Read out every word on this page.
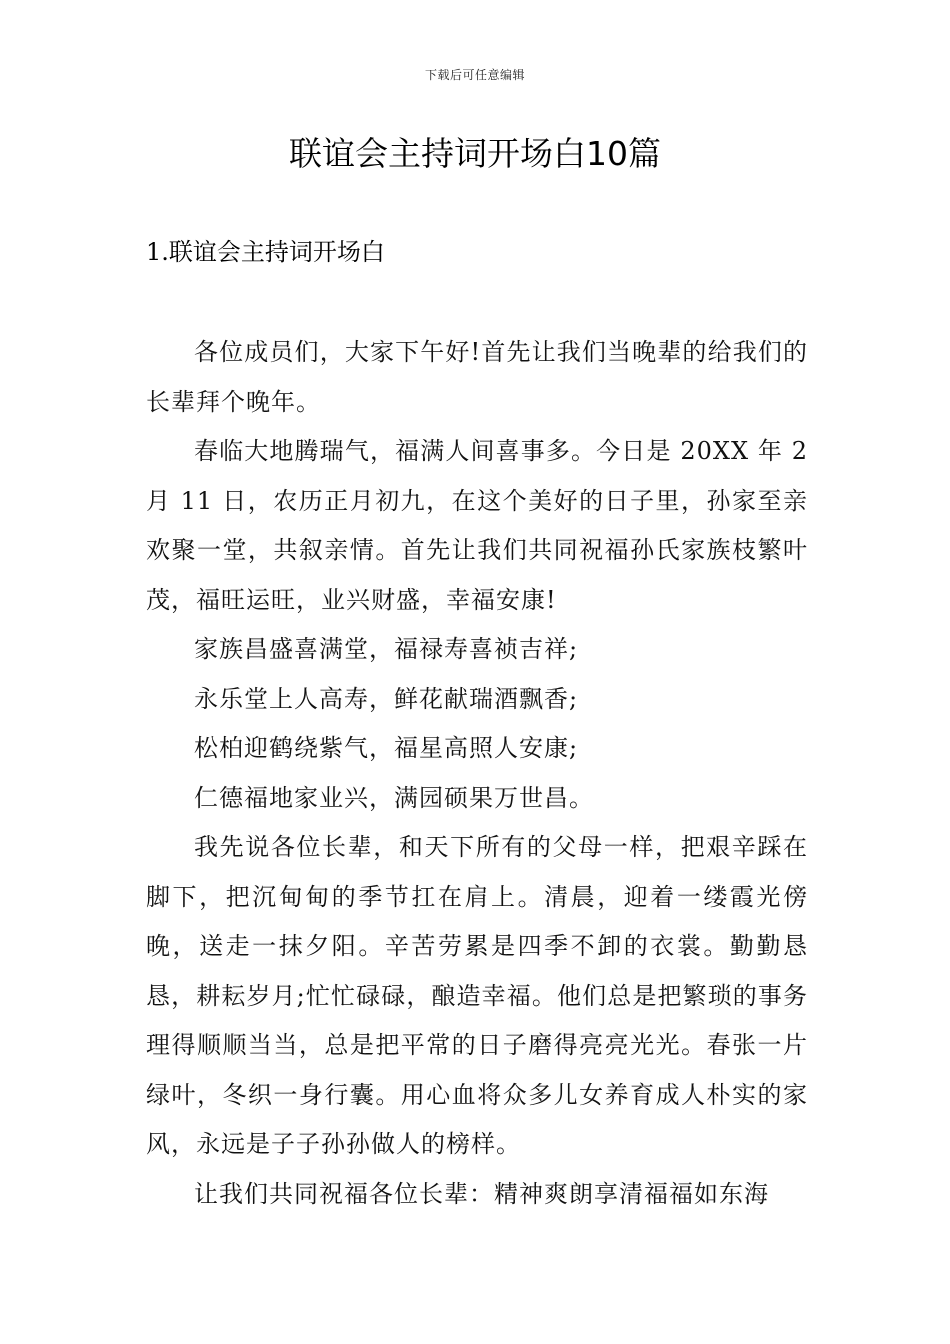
下载后可任意编辑
联谊会主持词开场白10篇
1.联谊会主持词开场白

各位成员们，大家下午好!首先让我们当晚辈的给我们的长辈拜个晚年。

春临大地腾瑞气，福满人间喜事多。今日是 20XX 年 2 月 11 日，农历正月初九，在这个美好的日子里，孙家至亲欢聚一堂，共叙亲情。首先让我们共同祝福孙氏家族枝繁叶茂，福旺运旺，业兴财盛，幸福安康!

家族昌盛喜满堂，福禄寿喜祯吉祥;

永乐堂上人高寿，鲜花献瑞酒飘香;

松柏迎鹤绕紫气，福星高照人安康;

仁德福地家业兴，满园硕果万世昌。

我先说各位长辈，和天下所有的父母一样，把艰辛踩在脚下，把沉甸甸的季节扛在肩上。清晨，迎着一缕霞光傍晚，送走一抹夕阳。辛苦劳累是四季不卸的衣裳。勤勤恳恳，耕耘岁月;忙忙碌碌，酿造幸福。他们总是把繁琐的事务理得顺顺当当，总是把平常的日子磨得亮亮光光。春张一片绿叶，冬织一身行囊。用心血将众多儿女养育成人朴实的家风，永远是子子孙孙做人的榜样。

让我们共同祝福各位长辈：精神爽朗享清福福如东海
